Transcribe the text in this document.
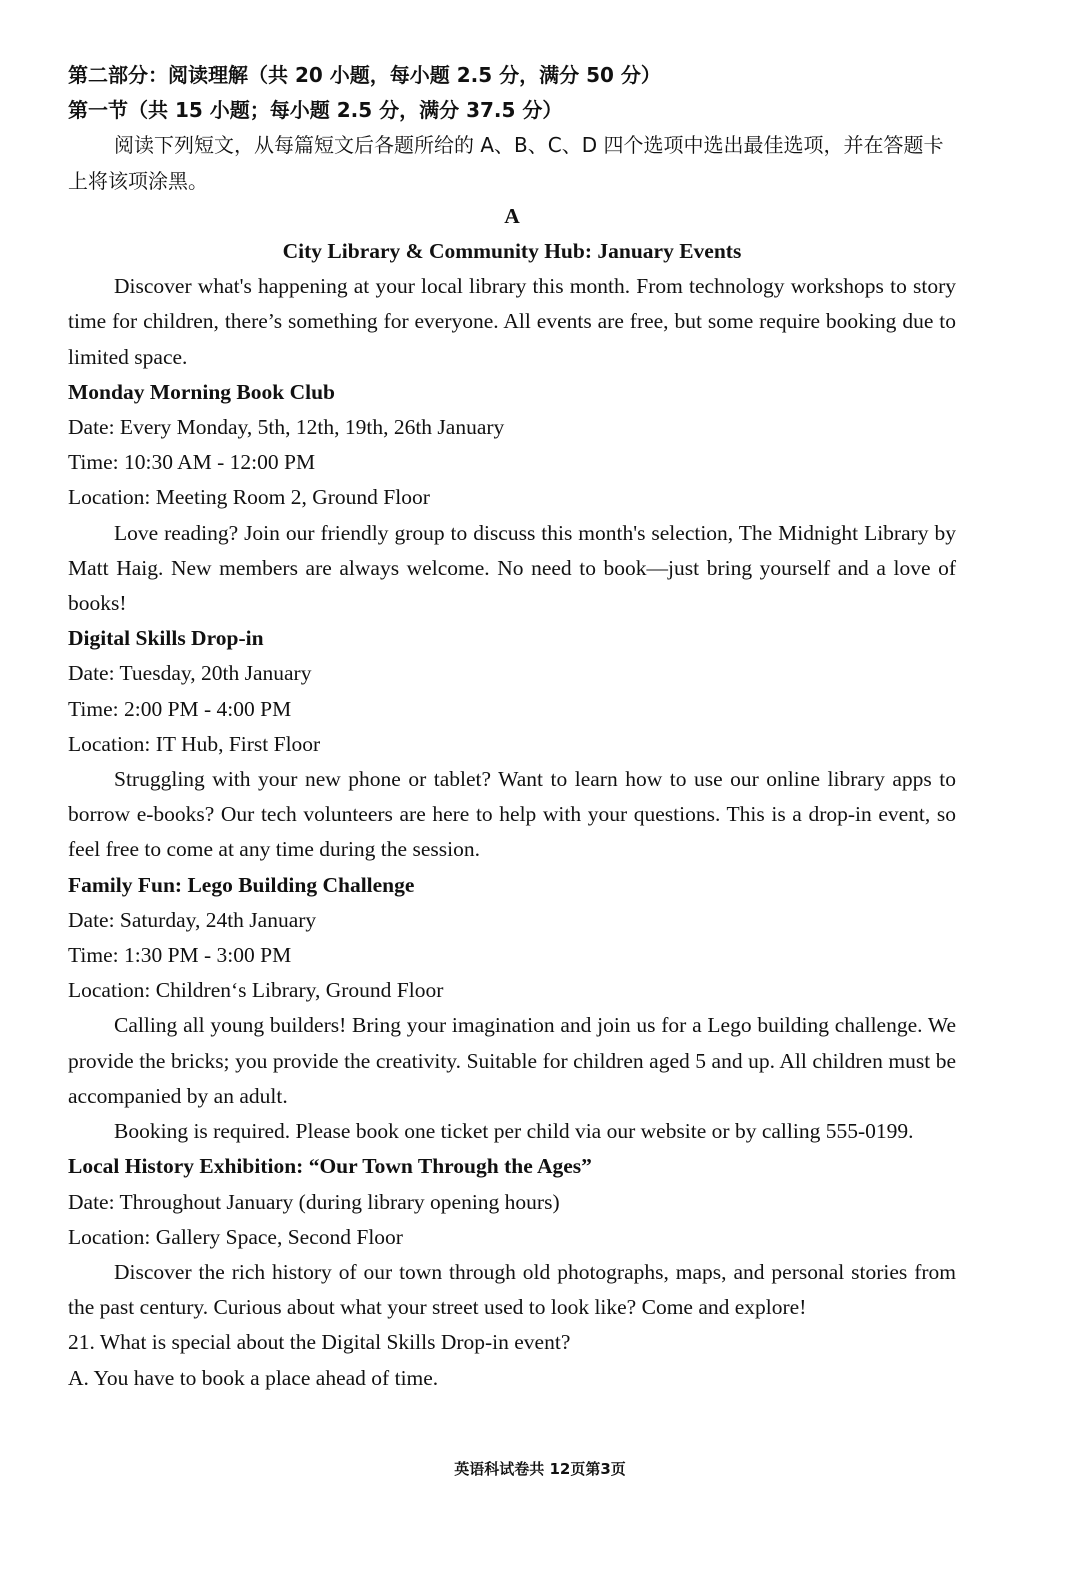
第二部分：阅读理解（共 20 小题，每小题 2.5 分，满分 50 分）

第一节（共 15 小题；每小题 2.5 分，满分 37.5 分）

阅读下列短文，从每篇短文后各题所给的 A、B、C、D 四个选项中选出最佳选项，并在答题卡上将该项涂黑。

A

City Library & Community Hub: January Events

Discover what's happening at your local library this month. From technology workshops to story time for children, there’s something for everyone. All events are free, but some require booking due to limited space.

Monday Morning Book Club

Date: Every Monday, 5th, 12th, 19th, 26th January

Time: 10:30 AM - 12:00 PM

Location: Meeting Room 2, Ground Floor

Love reading? Join our friendly group to discuss this month's selection, The Midnight Library by Matt Haig. New members are always welcome. No need to book—just bring yourself and a love of books!

Digital Skills Drop-in

Date: Tuesday, 20th January

Time: 2:00 PM - 4:00 PM

Location: IT Hub, First Floor

Struggling with your new phone or tablet? Want to learn how to use our online library apps to borrow e-books? Our tech volunteers are here to help with your questions. This is a drop-in event, so feel free to come at any time during the session.

Family Fun: Lego Building Challenge

Date: Saturday, 24th January

Time: 1:30 PM - 3:00 PM

Location: Children‘s Library, Ground Floor

Calling all young builders! Bring your imagination and join us for a Lego building challenge. We provide the bricks; you provide the creativity. Suitable for children aged 5 and up. All children must be accompanied by an adult.

Booking is required. Please book one ticket per child via our website or by calling 555-0199.

Local History Exhibition: “Our Town Through the Ages”

Date: Throughout January (during library opening hours)

Location: Gallery Space, Second Floor

Discover the rich history of our town through old photographs, maps, and personal stories from the past century. Curious about what your street used to look like? Come and explore!

21. What is special about the Digital Skills Drop-in event?

A. You have to book a place ahead of time.

英语科试卷共 12页第3页
